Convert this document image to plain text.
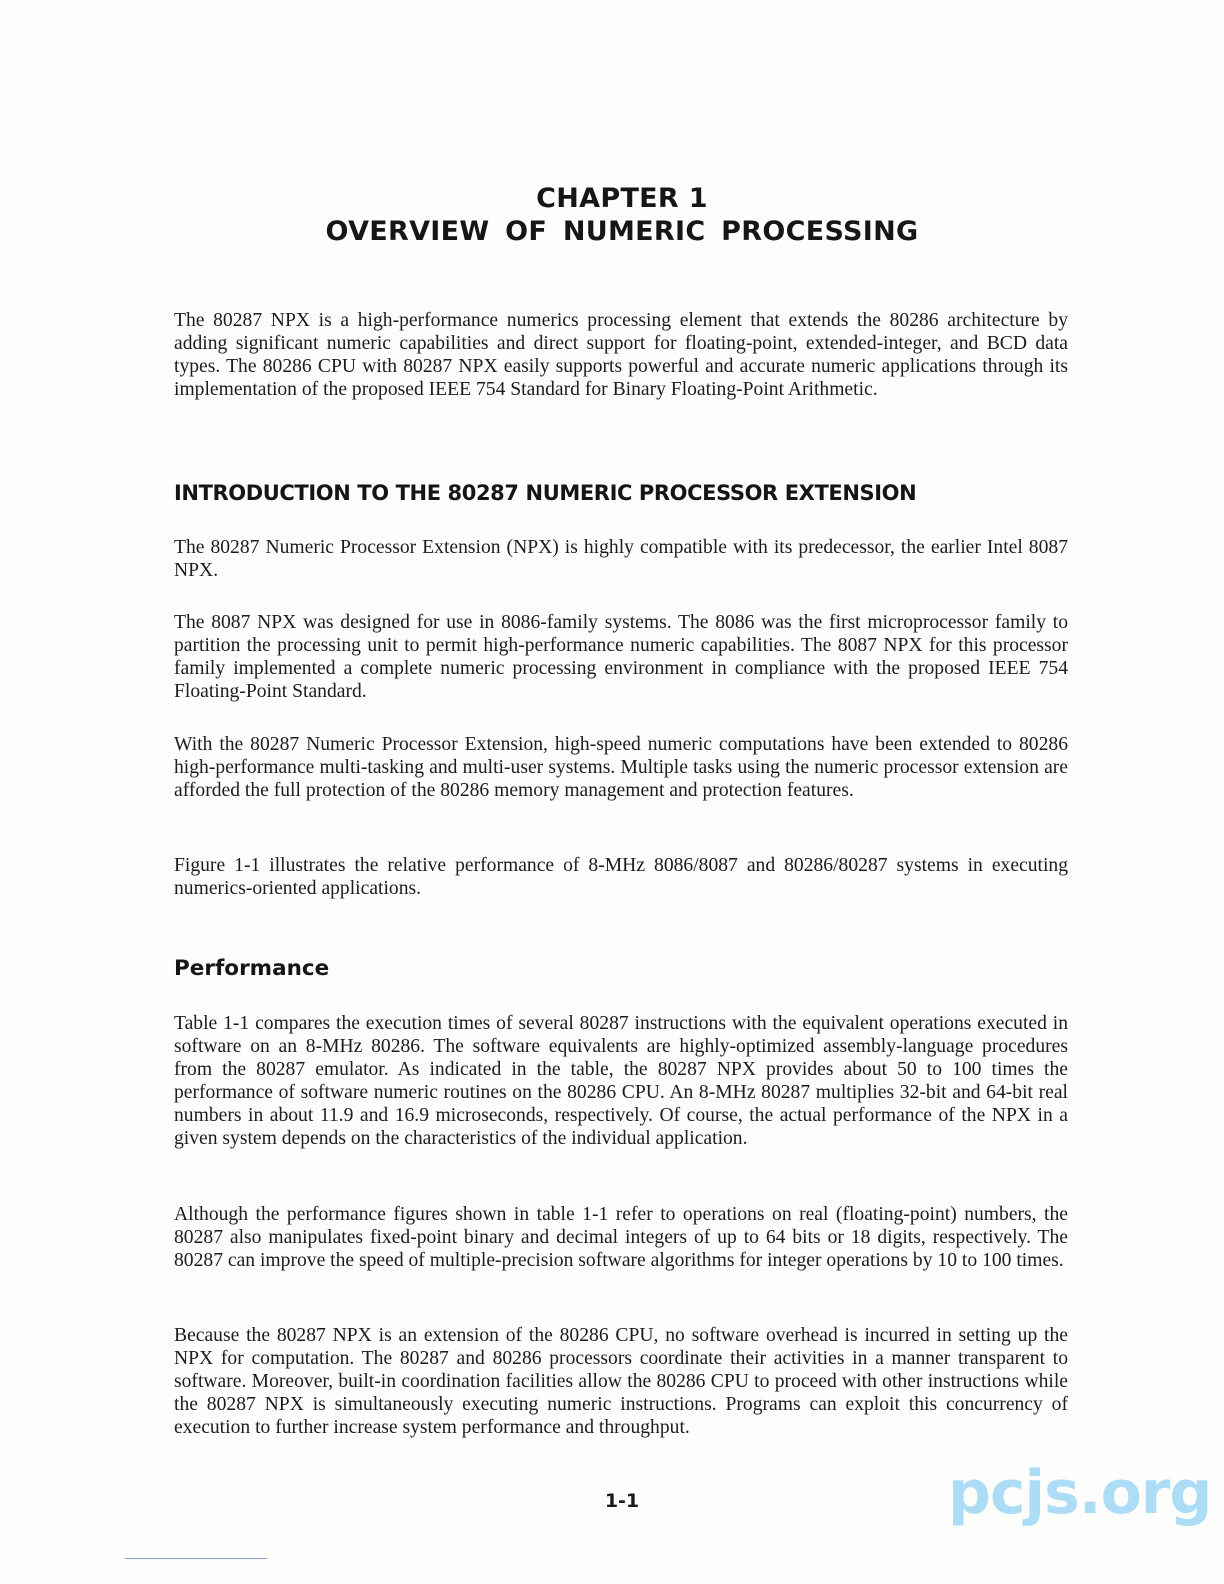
CHAPTER 1
OVERVIEW OF NUMERIC PROCESSING

The 80287 NPX is a high-performance numerics processing element that extends the 80286 architecture by adding significant numeric capabilities and direct support for floating-point, extended-integer, and BCD data types. The 80286 CPU with 80287 NPX easily supports powerful and accurate numeric applications through its implementation of the proposed IEEE 754 Standard for Binary Floating-Point Arithmetic.

INTRODUCTION TO THE 80287 NUMERIC PROCESSOR EXTENSION

The 80287 Numeric Processor Extension (NPX) is highly compatible with its predecessor, the earlier Intel 8087 NPX.

The 8087 NPX was designed for use in 8086-family systems. The 8086 was the first microprocessor family to partition the processing unit to permit high-performance numeric capabilities. The 8087 NPX for this processor family implemented a complete numeric processing environment in compliance with the proposed IEEE 754 Floating-Point Standard.

With the 80287 Numeric Processor Extension, high-speed numeric computations have been extended to 80286 high-performance multi-tasking and multi-user systems. Multiple tasks using the numeric processor extension are afforded the full protection of the 80286 memory management and protection features.

Figure 1-1 illustrates the relative performance of 8-MHz 8086/8087 and 80286/80287 systems in executing numerics-oriented applications.

Performance

Table 1-1 compares the execution times of several 80287 instructions with the equivalent operations executed in software on an 8-MHz 80286. The software equivalents are highly-optimized assembly-language procedures from the 80287 emulator. As indicated in the table, the 80287 NPX provides about 50 to 100 times the performance of software numeric routines on the 80286 CPU. An 8-MHz 80287 multiplies 32-bit and 64-bit real numbers in about 11.9 and 16.9 microseconds, respectively. Of course, the actual performance of the NPX in a given system depends on the characteristics of the individual application.

Although the performance figures shown in table 1-1 refer to operations on real (floating-point) numbers, the 80287 also manipulates fixed-point binary and decimal integers of up to 64 bits or 18 digits, respectively. The 80287 can improve the speed of multiple-precision software algorithms for integer operations by 10 to 100 times.

Because the 80287 NPX is an extension of the 80286 CPU, no software overhead is incurred in setting up the NPX for computation. The 80287 and 80286 processors coordinate their activities in a manner transparent to software. Moreover, built-in coordination facilities allow the 80286 CPU to proceed with other instructions while the 80287 NPX is simultaneously executing numeric instructions. Programs can exploit this concurrency of execution to further increase system performance and throughput.

1-1	pcjs.org
